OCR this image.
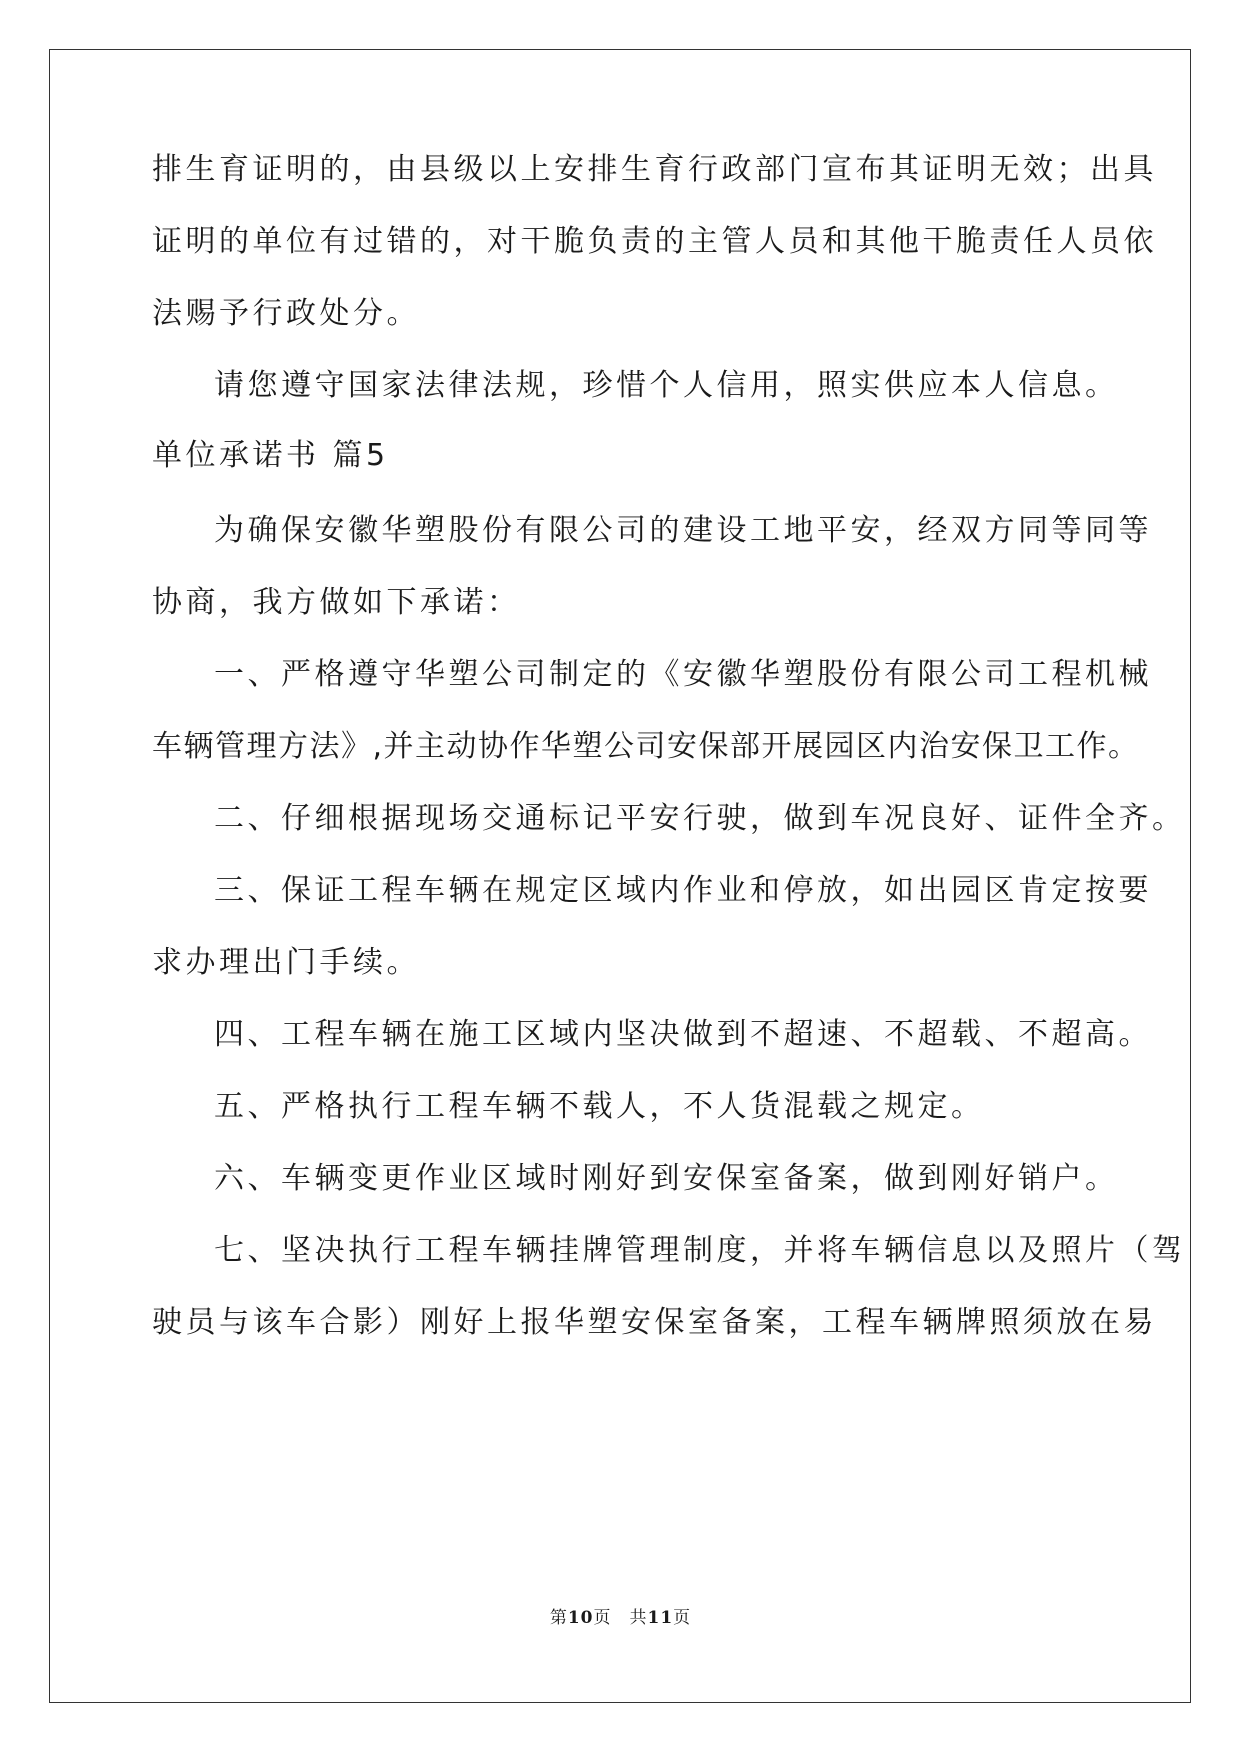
排生育证明的，由县级以上安排生育行政部门宣布其证明无效；出具
证明的单位有过错的，对干脆负责的主管人员和其他干脆责任人员依
法赐予行政处分。
请您遵守国家法律法规，珍惜个人信用，照实供应本人信息。
单位承诺书 篇5
为确保安徽华塑股份有限公司的建设工地平安，经双方同等同等
协商，我方做如下承诺：
一、严格遵守华塑公司制定的《安徽华塑股份有限公司工程机械
车辆管理方法》,并主动协作华塑公司安保部开展园区内治安保卫工作。
二、仔细根据现场交通标记平安行驶，做到车况良好、证件全齐。
三、保证工程车辆在规定区域内作业和停放，如出园区肯定按要
求办理出门手续。
四、工程车辆在施工区域内坚决做到不超速、不超载、不超高。
五、严格执行工程车辆不载人，不人货混载之规定。
六、车辆变更作业区域时刚好到安保室备案，做到刚好销户。
七、坚决执行工程车辆挂牌管理制度，并将车辆信息以及照片（驾
驶员与该车合影）刚好上报华塑安保室备案，工程车辆牌照须放在易
第10页 共11页
